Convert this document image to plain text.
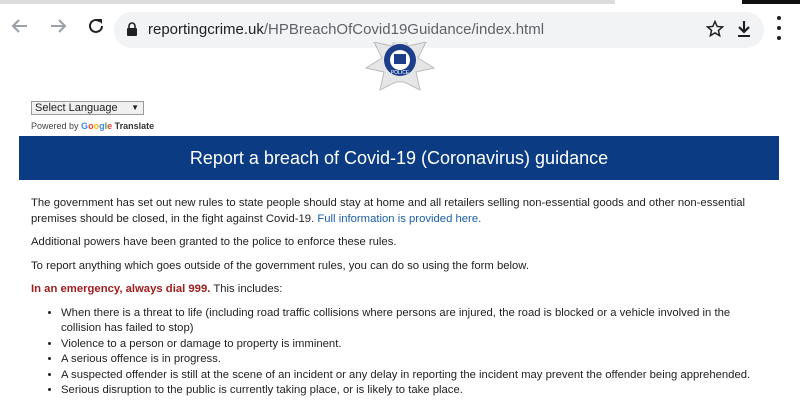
reportingcrime.uk/HPBreachOfCovid19Guidance/index.html
POLICE
Select Language ▼
Powered by Google Translate
Report a breach of Covid-19 (Coronavirus) guidance

The government has set out new rules to state people should stay at home and all retailers selling non-essential goods and other non-essential premises should be closed, in the fight against Covid-19. Full information is provided here.

Additional powers have been granted to the police to enforce these rules.

To report anything which goes outside of the government rules, you can do so using the form below.

In an emergency, always dial 999. This includes:

• When there is a threat to life (including road traffic collisions where persons are injured, the road is blocked or a vehicle involved in the collision has failed to stop)
• Violence to a person or damage to property is imminent.
• A serious offence is in progress.
• A suspected offender is still at the scene of an incident or any delay in reporting the incident may prevent the offender being apprehended.
• Serious disruption to the public is currently taking place, or is likely to take place.
